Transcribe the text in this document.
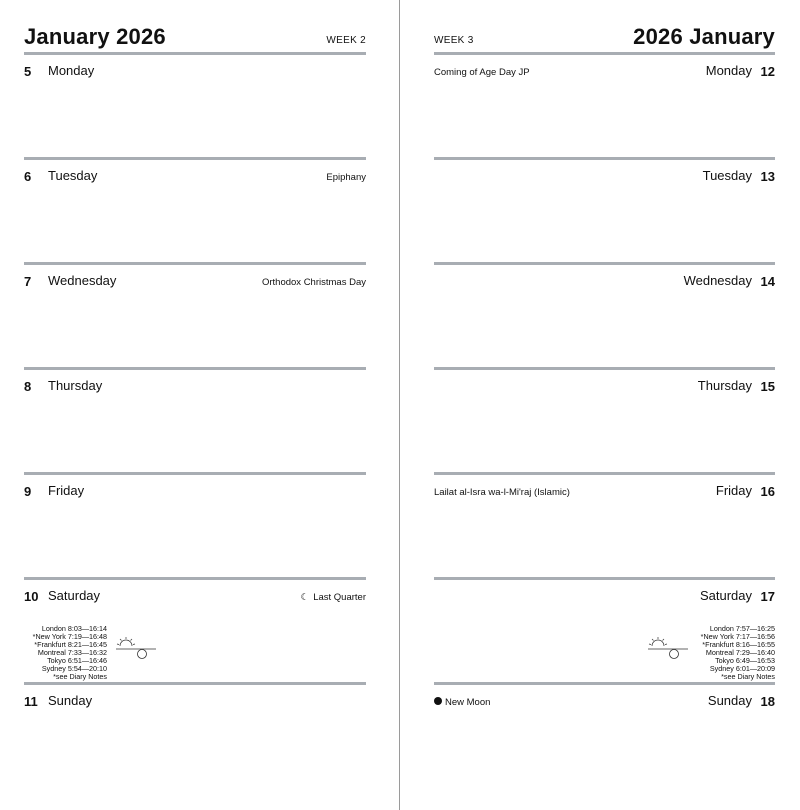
January 2026	WEEK 2
5 Monday
6 Tuesday	Epiphany
7 Wednesday	Orthodox Christmas Day
8 Thursday
9 Friday
10 Saturday	☾ Last Quarter
London 8:03—16:14
*New York 7:19—16:48
*Frankfurt 8:21—16:45
Montreal 7:33—16:32
Tokyo 6:51—16:46
Sydney 5:54—20:10
*see Diary Notes
11 Sunday
2026 January
WEEK 3
Coming of Age Day JP	Monday 12
Tuesday 13
Wednesday 14
Thursday 15
Lailat al-Isra wa-l-Mi'raj (Islamic)	Friday 16
Saturday 17
London 7:57—16:25
*New York 7:17—16:56
*Frankfurt 8:16—16:55
Montreal 7:29—16:40
Tokyo 6:49—16:53
Sydney 6:01—20:09
*see Diary Notes
New Moon	Sunday 18
